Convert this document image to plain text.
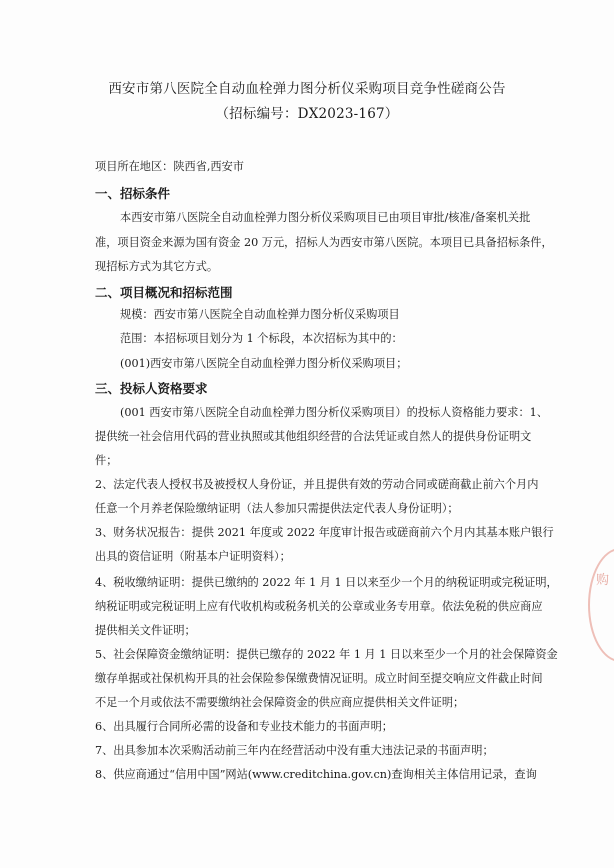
西安市第八医院全自动血栓弹力图分析仪采购项目竞争性磋商公告
（招标编号：DX2023-167）
项目所在地区：陕西省,西安市
一、招标条件
本西安市第八医院全自动血栓弹力图分析仪采购项目已由项目审批/核准/备案机关批
准，项目资金来源为国有资金 20 万元，招标人为西安市第八医院。本项目已具备招标条件，
现招标方式为其它方式。
二、项目概况和招标范围
规模：西安市第八医院全自动血栓弹力图分析仪采购项目
范围：本招标项目划分为 1 个标段，本次招标为其中的：
(001)西安市第八医院全自动血栓弹力图分析仪采购项目；
三、投标人资格要求
(001 西安市第八医院全自动血栓弹力图分析仪采购项目）的投标人资格能力要求：1、
提供统一社会信用代码的营业执照或其他组织经营的合法凭证或自然人的提供身份证明文
件；
2、法定代表人授权书及被授权人身份证，并且提供有效的劳动合同或磋商截止前六个月内
任意一个月养老保险缴纳证明（法人参加只需提供法定代表人身份证明）；
3、财务状况报告：提供 2021 年度或 2022 年度审计报告或磋商前六个月内其基本账户银行
出具的资信证明（附基本户证明资料）；
4、税收缴纳证明：提供已缴纳的 2022 年 1 月 1 日以来至少一个月的纳税证明或完税证明，
纳税证明或完税证明上应有代收机构或税务机关的公章或业务专用章。依法免税的供应商应
提供相关文件证明；
5、社会保障资金缴纳证明：提供已缴存的 2022 年 1 月 1 日以来至少一个月的社会保障资金
缴存单据或社保机构开具的社会保险参保缴费情况证明。成立时间至提交响应文件截止时间
不足一个月或依法不需要缴纳社会保障资金的供应商应提供相关文件证明；
6、出具履行合同所必需的设备和专业技术能力的书面声明；
7、出具参加本次采购活动前三年内在经营活动中没有重大违法记录的书面声明；
8、供应商通过“信用中国”网站(www.creditchina.gov.cn)查询相关主体信用记录，查询
购
